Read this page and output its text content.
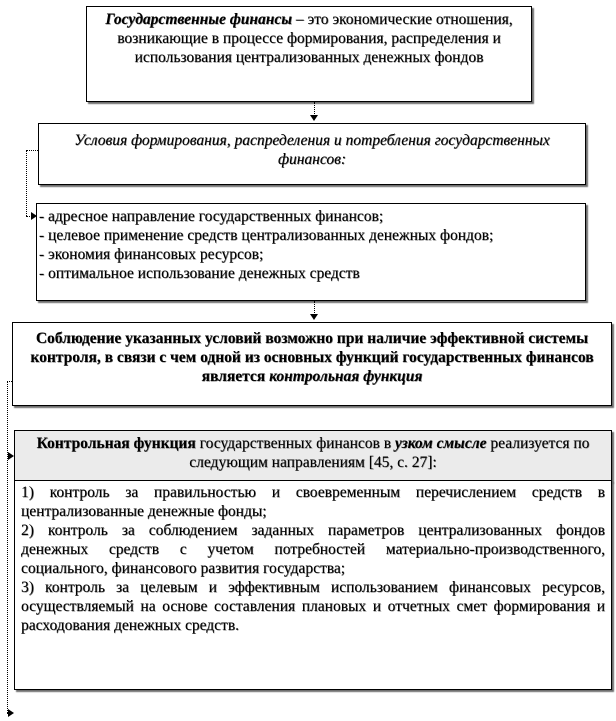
Государственные финансы – это экономические отношения, возникающие в процессе формирования, распределения и использования централизованных денежных фондов
Условия формирования, распределения и потребления государственных финансов:
- адресное направление государственных финансов;
- целевое применение средств централизованных денежных фондов;
- экономия финансовых ресурсов;
- оптимальное использование денежных средств
Соблюдение указанных условий возможно при наличие эффективной системы контроля, в связи с чем одной из основных функций государственных финансов является контрольная функция
Контрольная функция государственных финансов в узком смысле реализуется по следующим направлениям [45, с. 27]:
1) контроль за правильностью и своевременным перечислением средств в централизованные денежные фонды;
2) контроль за соблюдением заданных параметров централизованных фондов денежных средств с учетом потребностей материально-производственного, социального, финансового развития государства;
3) контроль за целевым и эффективным использованием финансовых ресурсов, осуществляемый на основе составления плановых и отчетных смет формирования и расходования денежных средств.
